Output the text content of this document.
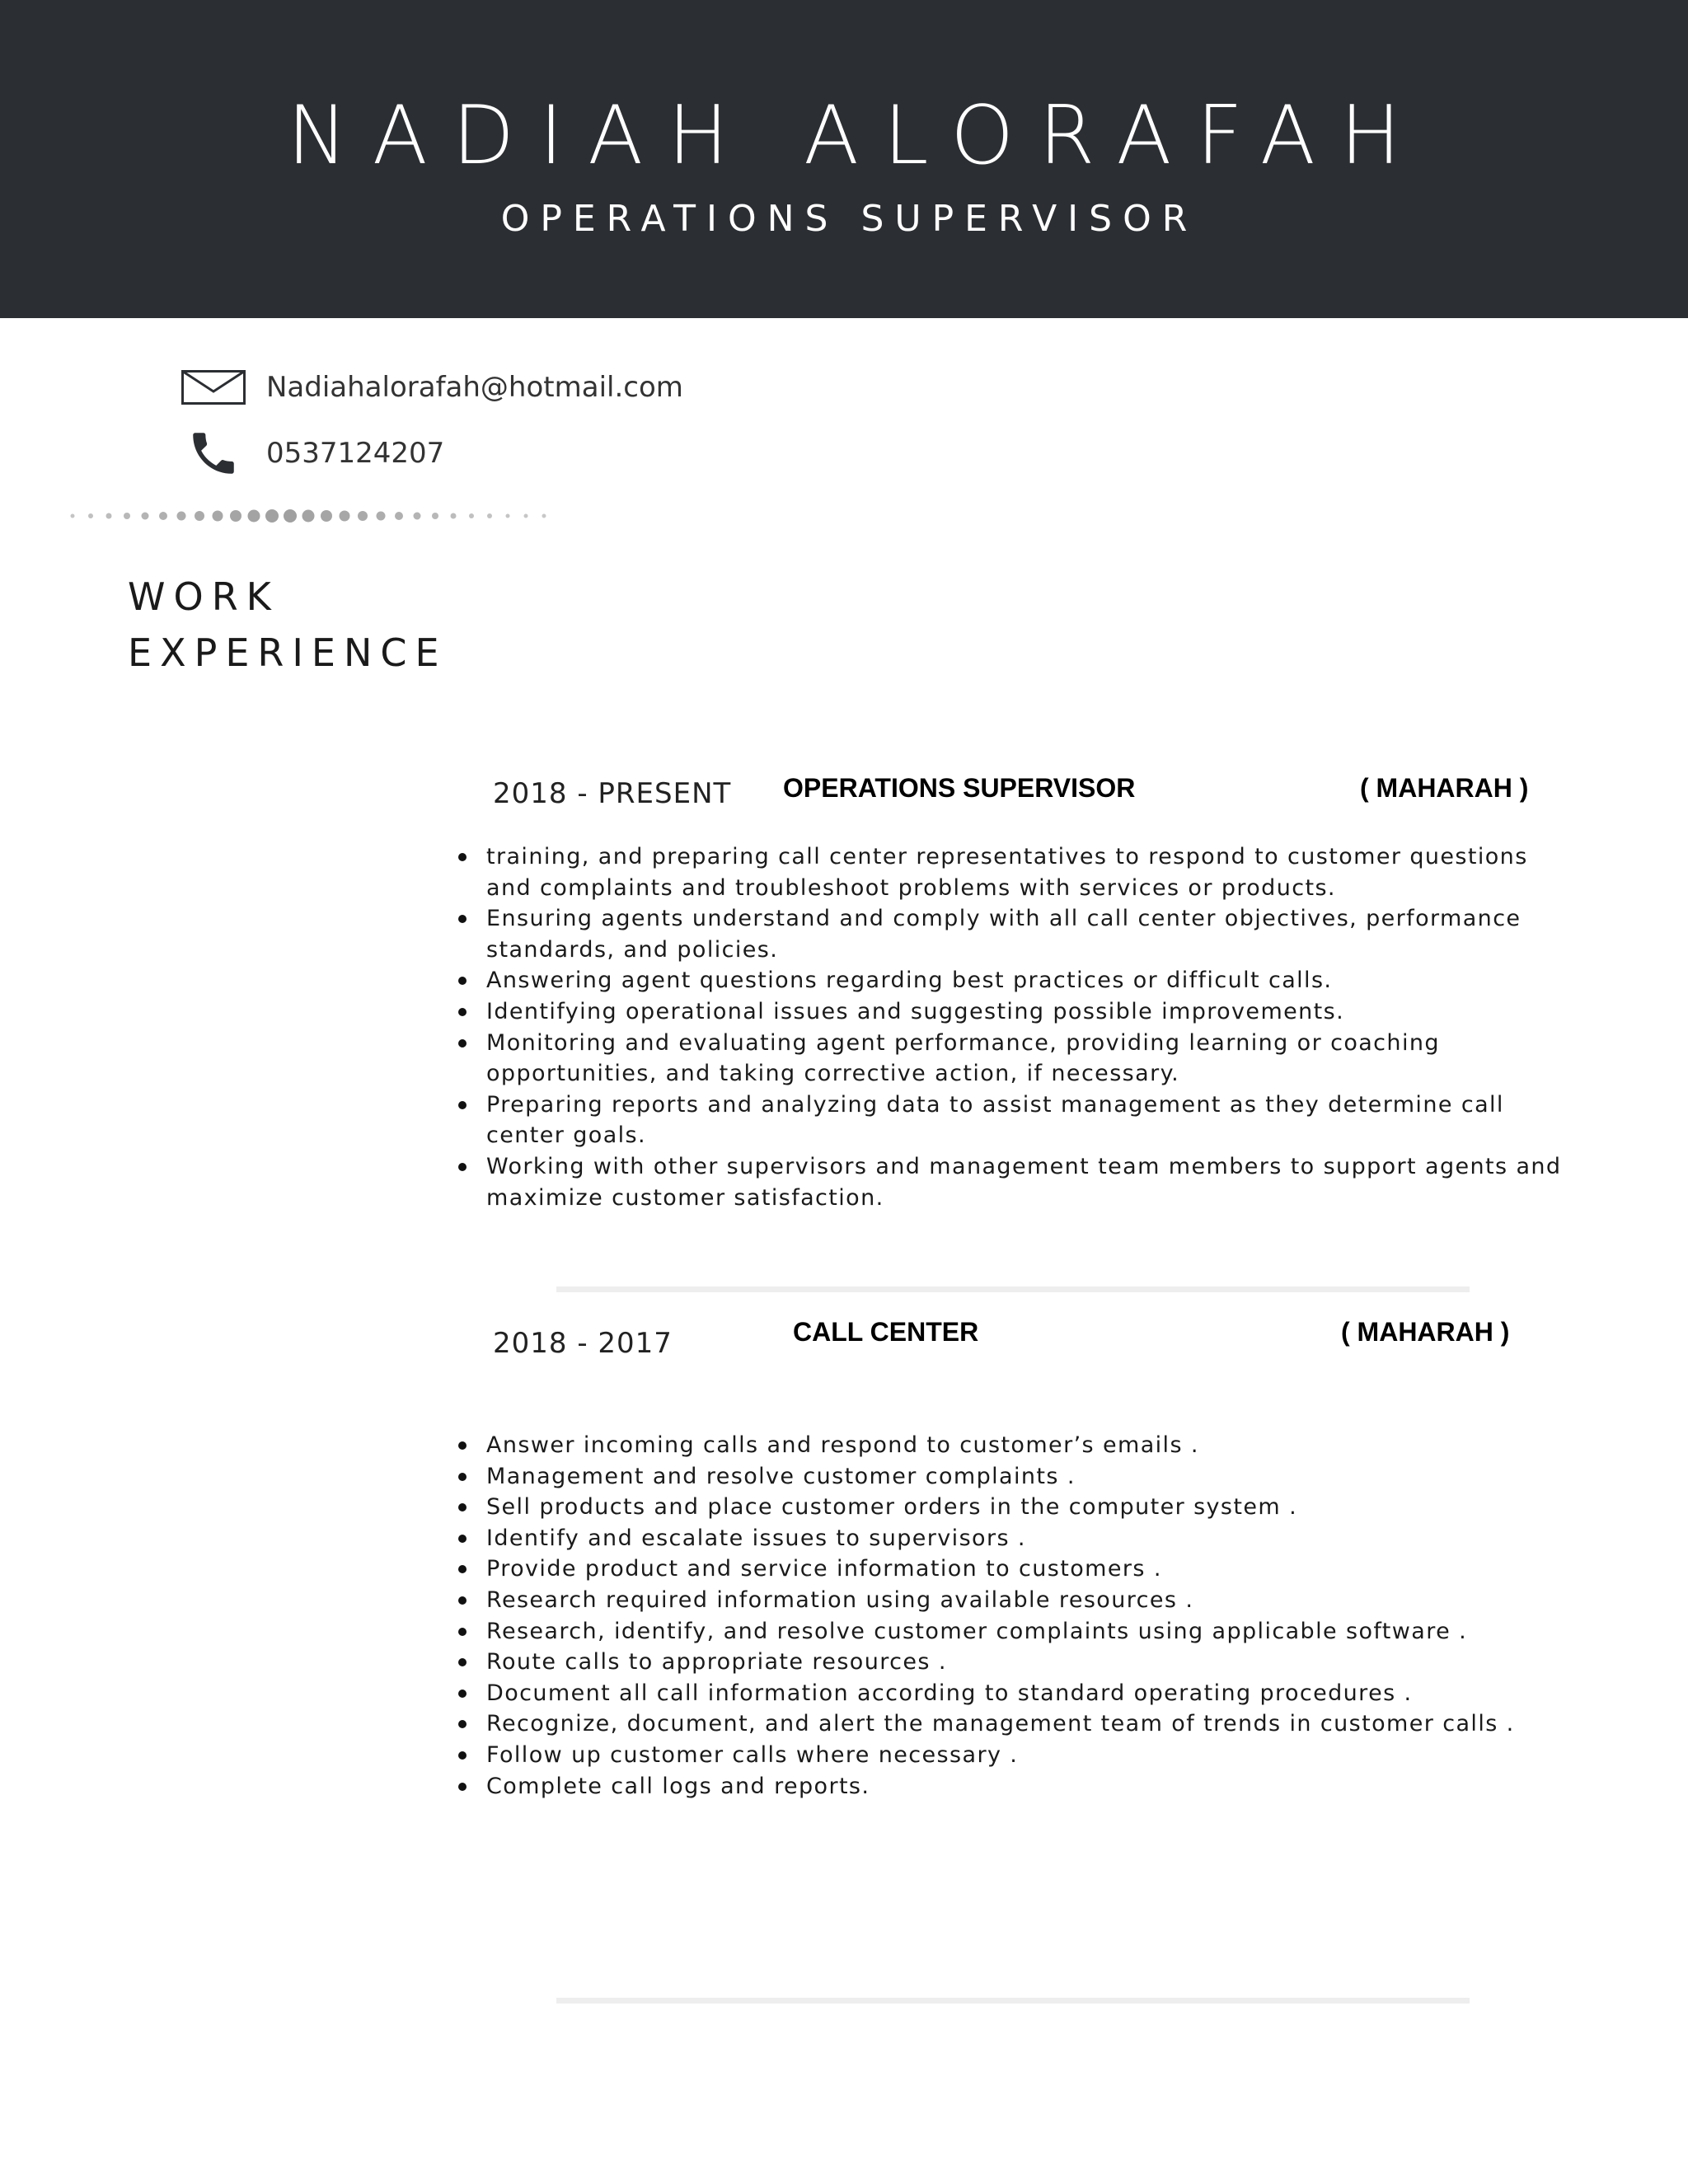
NADIAH ALORAFAH
OPERATIONS SUPERVISOR
Nadiahalorafah@hotmail.com
0537124207
WORK
EXPERIENCE
2018 - PRESENT OPERATIONS SUPERVISOR	( MAHARAH )
training, and preparing call center representatives to respond to customer questions and complaints and troubleshoot problems with services or products.
Ensuring agents understand and comply with all call center objectives, performance standards, and policies.
Answering agent questions regarding best practices or difficult calls.
Identifying operational issues and suggesting possible improvements.
Monitoring and evaluating agent performance, providing learning or coaching opportunities, and taking corrective action, if necessary.
Preparing reports and analyzing data to assist management as they determine call center goals.
Working with other supervisors and management team members to support agents and maximize customer satisfaction.
2018 - 2017	CALL CENTER	( MAHARAH )
Answer incoming calls and respond to customer’s emails .
Management and resolve customer complaints .
Sell products and place customer orders in the computer system .
Identify and escalate issues to supervisors .
Provide product and service information to customers .
Research required information using available resources .
Research, identify, and resolve customer complaints using applicable software .
Route calls to appropriate resources .
Document all call information according to standard operating procedures .
Recognize, document, and alert the management team of trends in customer calls .
Follow up customer calls where necessary .
Complete call logs and reports.
